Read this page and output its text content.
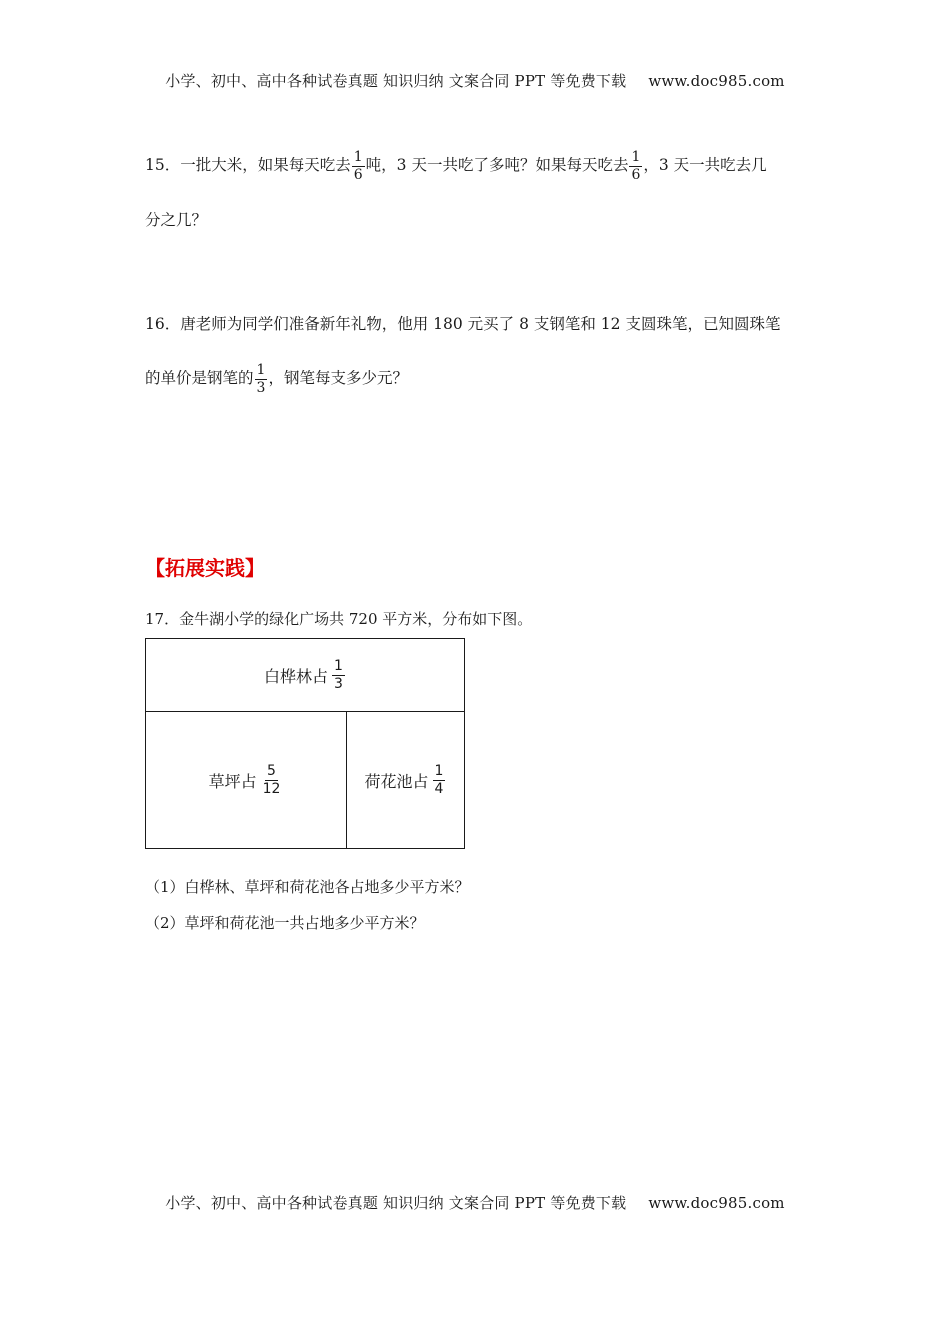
小学、初中、高中各种试卷真题 知识归纳 文案合同 PPT 等免费下载 www.doc985.com
15．一批大米，如果每天吃去 $\frac{1}{6}$ 吨，3 天一共吃了多吨？如果每天吃去 $\frac{1}{6}$ ，3 天一共吃去几
分之几？
16．唐老师为同学们准备新年礼物，他用 180 元买了 8 支钢笔和 12 支圆珠笔，已知圆珠笔
的单价是钢笔的 $\frac{1}{3}$ ，钢笔每支多少元？
【拓展实践】
17．金牛湖小学的绿化广场共 720 平方米，分布如下图。
白桦林占 $\frac{1}{3}$
草坪占 $\frac{5}{12}$	荷花池占 $\frac{1}{4}$
（1）白桦林、草坪和荷花池各占地多少平方米？
（2）草坪和荷花池一共占地多少平方米？
小学、初中、高中各种试卷真题 知识归纳 文案合同 PPT 等免费下载 www.doc985.com
